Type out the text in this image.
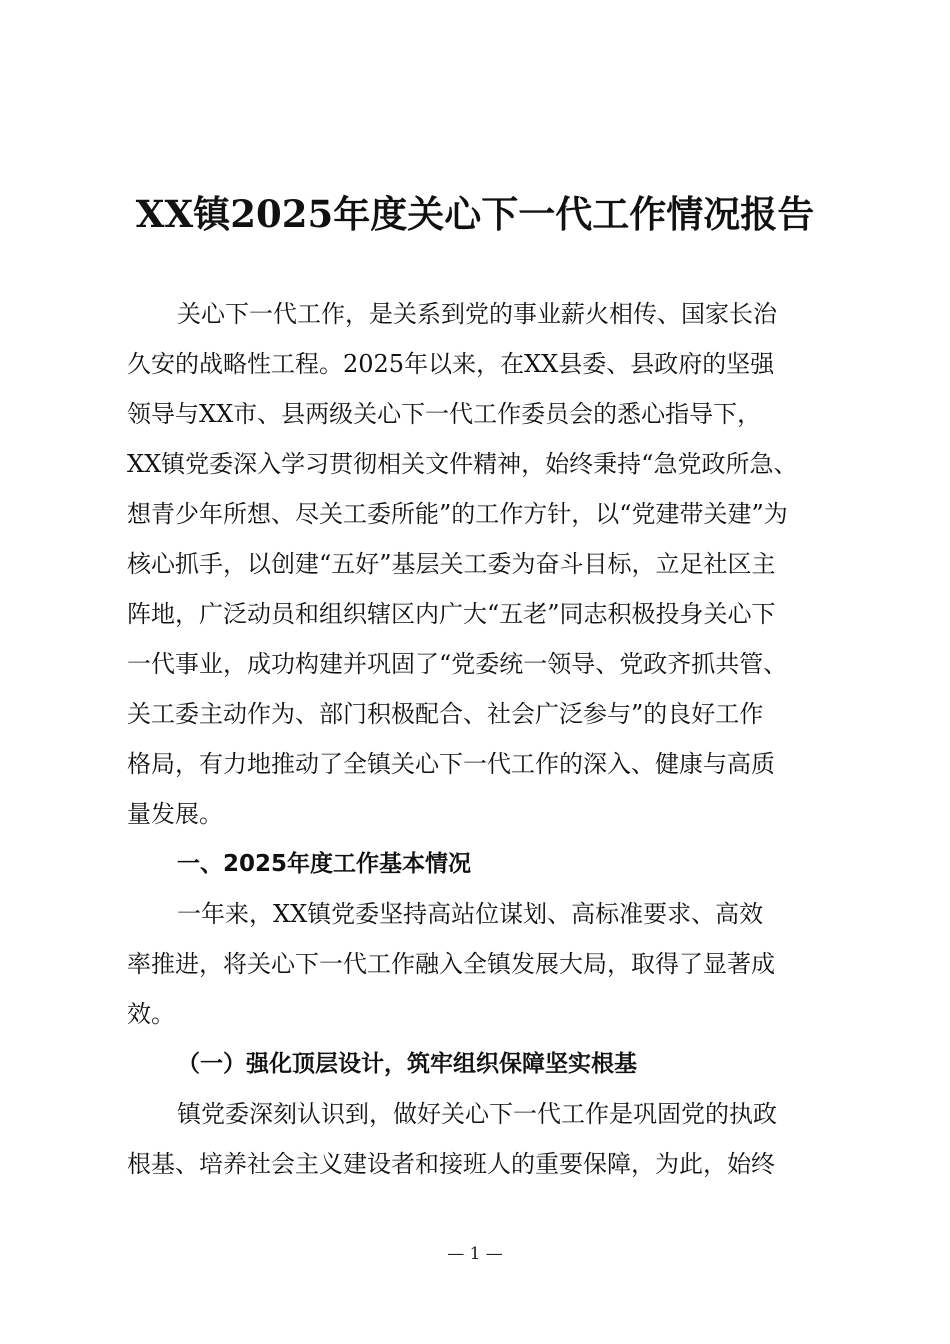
XX镇2025年度关心下一代工作情况报告
关心下一代工作，是关系到党的事业薪火相传、国家长治
久安的战略性工程。2025年以来，在XX县委、县政府的坚强
领导与XX市、县两级关心下一代工作委员会的悉心指导下，
XX镇党委深入学习贯彻相关文件精神，始终秉持“急党政所急、
想青少年所想、尽关工委所能”的工作方针，以“党建带关建”为
核心抓手，以创建“五好”基层关工委为奋斗目标，立足社区主
阵地，广泛动员和组织辖区内广大“五老”同志积极投身关心下
一代事业，成功构建并巩固了“党委统一领导、党政齐抓共管、
关工委主动作为、部门积极配合、社会广泛参与”的良好工作
格局，有力地推动了全镇关心下一代工作的深入、健康与高质
量发展。
一、2025年度工作基本情况
一年来，XX镇党委坚持高站位谋划、高标准要求、高效
率推进，将关心下一代工作融入全镇发展大局，取得了显著成
效。
（一）强化顶层设计，筑牢组织保障坚实根基
镇党委深刻认识到，做好关心下一代工作是巩固党的执政
根基、培养社会主义建设者和接班人的重要保障，为此，始终
— 1 —
